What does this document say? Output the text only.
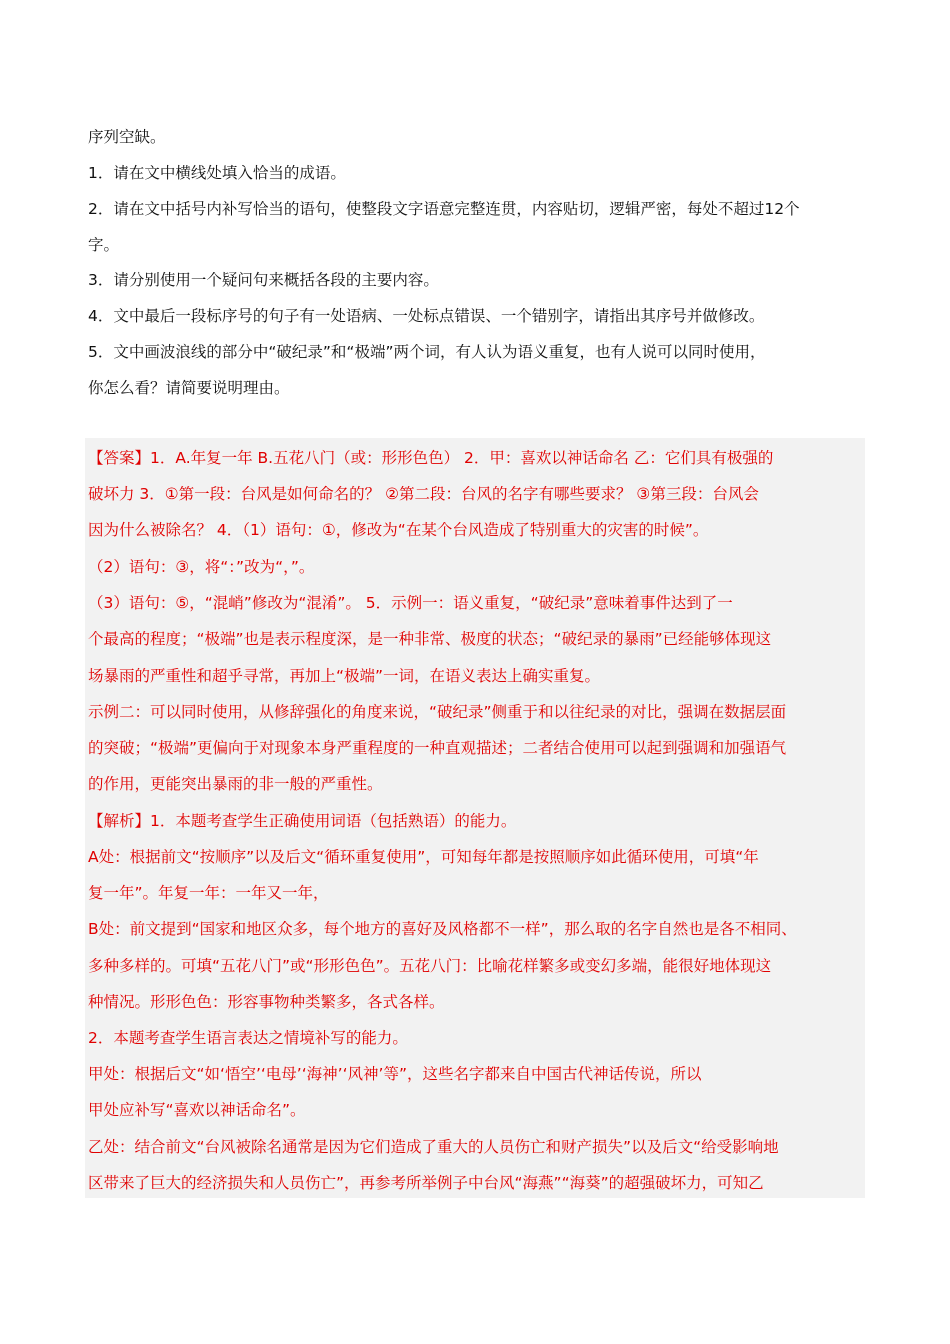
序列空缺。
1．请在文中横线处填入恰当的成语。
2．请在文中括号内补写恰当的语句，使整段文字语意完整连贯，内容贴切，逻辑严密，每处不超过12个
字。
3．请分别使用一个疑问句来概括各段的主要内容。
4．文中最后一段标序号的句子有一处语病、一处标点错误、一个错别字，请指出其序号并做修改。
5．文中画波浪线的部分中“破纪录”和“极端”两个词，有人认为语义重复，也有人说可以同时使用，
你怎么看？请简要说明理由。
【答案】1．A.年复一年 B.五花八门（或：形形色色） 2．甲：喜欢以神话命名 乙：它们具有极强的
破坏力 3．①第一段：台风是如何命名的？ ②第二段：台风的名字有哪些要求？ ③第三段：台风会
因为什么被除名？ 4．（1）语句：①，修改为“在某个台风造成了特别重大的灾害的时候”。
（2）语句：③，将“：”改为“，”。
（3）语句：⑤，“混峭”修改为“混淆”。 5．示例一：语义重复，“破纪录”意味着事件达到了一
个最高的程度；“极端”也是表示程度深，是一种非常、极度的状态；“破纪录的暴雨”已经能够体现这
场暴雨的严重性和超乎寻常，再加上“极端”一词，在语义表达上确实重复。
示例二：可以同时使用，从修辞强化的角度来说，“破纪录”侧重于和以往纪录的对比，强调在数据层面
的突破；“极端”更偏向于对现象本身严重程度的一种直观描述；二者结合使用可以起到强调和加强语气
的作用，更能突出暴雨的非一般的严重性。
【解析】1．本题考查学生正确使用词语（包括熟语）的能力。
A处：根据前文“按顺序”以及后文“循环重复使用”，可知每年都是按照顺序如此循环使用，可填“年
复一年”。年复一年：一年又一年，
B处：前文提到“国家和地区众多，每个地方的喜好及风格都不一样”，那么取的名字自然也是各不相同、
多种多样的。可填“五花八门”或“形形色色”。五花八门：比喻花样繁多或变幻多端，能很好地体现这
种情况。形形色色：形容事物种类繁多，各式各样。
2．本题考查学生语言表达之情境补写的能力。
甲处：根据后文“如‘悟空’‘电母’‘海神’‘风神’等”，这些名字都来自中国古代神话传说，所以
甲处应补写“喜欢以神话命名”。
乙处：结合前文“台风被除名通常是因为它们造成了重大的人员伤亡和财产损失”以及后文“给受影响地
区带来了巨大的经济损失和人员伤亡”，再参考所举例子中台风“海燕”“海葵”的超强破坏力，可知乙
